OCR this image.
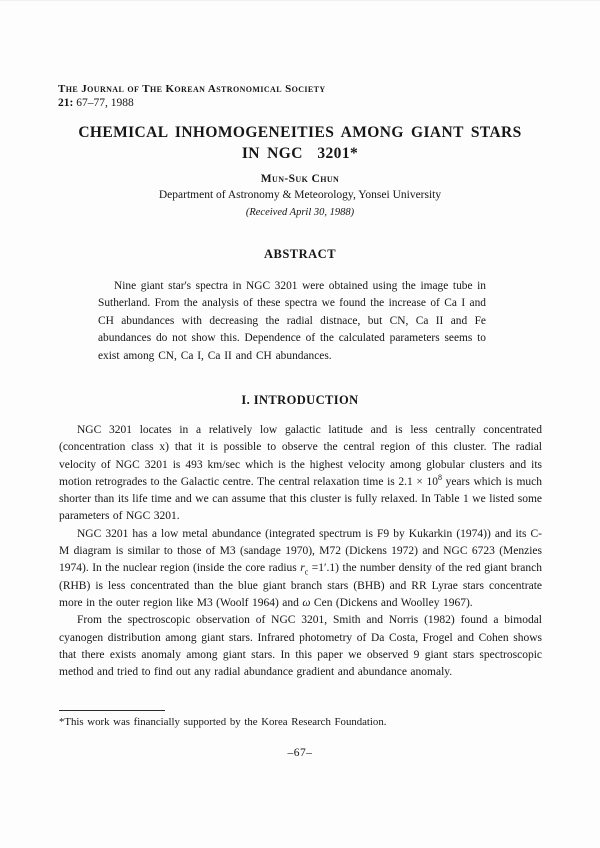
The Journal of The Korean Astronomical Society
21: 67–77, 1988
CHEMICAL INHOMOGENEITIES AMONG GIANT STARS
IN NGC  3201*
Mun-Suk Chun
Department of Astronomy & Meteorology, Yonsei University
(Received April 30, 1988)
ABSTRACT
Nine giant star's spectra in NGC 3201 were obtained using the image tube in Sutherland. From the analysis of these spectra we found the increase of Ca I and CH abundances with decreasing the radial distnace, but CN, Ca II and Fe abundances do not show this. Dependence of the calculated parameters seems to exist among CN, Ca I, Ca II and CH abundances.
I. INTRODUCTION

NGC 3201 locates in a relatively low galactic latitude and is less centrally concentrated (concentration class x) that it is possible to observe the central region of this cluster. The radial velocity of NGC 3201 is 493 km/sec which is the highest velocity among globular clusters and its motion retrogrades to the Galactic centre. The central relaxation time is $2.1 \times 10^8$ years which is much shorter than its life time and we can assume that this cluster is fully relaxed. In Table 1 we listed some parameters of NGC 3201.

NGC 3201 has a low metal abundance (integrated spectrum is F9 by Kukarkin (1974)) and its C-M diagram is similar to those of M3 (sandage 1970), M72 (Dickens 1972) and NGC 6723 (Menzies 1974). In the nuclear region (inside the core radius $r_c =1'.1$) the number density of the red giant branch (RHB) is less concentrated than the blue giant branch stars (BHB) and RR Lyrae stars concentrate more in the outer region like M3 (Woolf 1964) and ω Cen (Dickens and Woolley 1967).

From the spectroscopic observation of NGC 3201, Smith and Norris (1982) found a bimodal cyanogen distribution among giant stars. Infrared photometry of Da Costa, Frogel and Cohen shows that there exists anomaly among giant stars. In this paper we observed 9 giant stars spectroscopic method and tried to find out any radial abundance gradient and abundance anomaly.

*This work was financially supported by the Korea Research Foundation.
–67–
